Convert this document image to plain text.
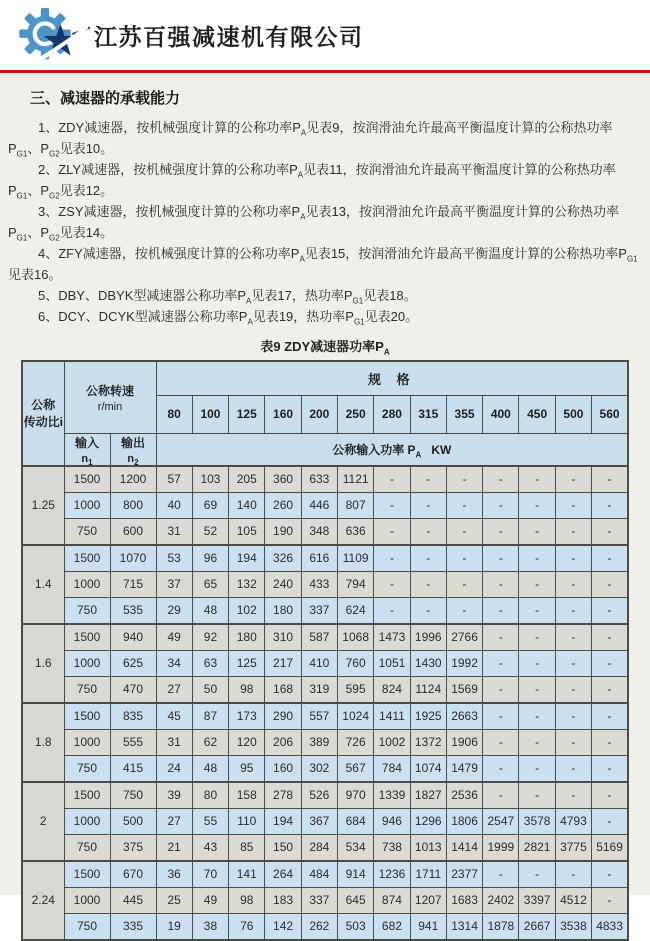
江苏百强减速机有限公司
三、减速器的承载能力

1、ZDY减速器，按机械强度计算的公称功率$P_A$见表9，按润滑油允许最高平衡温度计算的公称热功率$P_{G1}$、$P_{G2}$见表10。

2、ZLY减速器，按机械强度计算的公称功率$P_A$见表11，按润滑油允许最高平衡温度计算的公称热功率$P_{G1}$、$P_{G2}$见表12。

3、ZSY减速器，按机械强度计算的公称功率$P_A$见表13，按润滑油允许最高平衡温度计算的公称热功率$P_{G1}$、$P_{G2}$见表14。

4、ZFY减速器，按机械强度计算的公称功率$P_A$见表15，按润滑油允许最高平衡温度计算的公称热功率$P_{G1}$见表16。

5、DBY、DBYK型减速器公称功率$P_A$见表17，热功率$P_{G1}$见表18。

6、DCY、DCYK型减速器公称功率$P_A$见表19，热功率$P_{G1}$见表20。

表9 ZDY减速器功率$P_A$
公称
传动比i	公称转速
r/min		规 格												
			80	100	125	160	200	250	280	315	355	400	450	500	560
	输入
$n_1$	输出
$n_2$	公称输入功率 $P_A$   KW												
1.25	1500	1200	57	103	205	360	633	1121	-	-	-	-	-	-	-
	1000	800	40	69	140	260	446	807	-	-	-	-	-	-	-
	750	600	31	52	105	190	348	636	-	-	-	-	-	-	-
1.4	1500	1070	53	96	194	326	616	1109	-	-	-	-	-	-	-
	1000	715	37	65	132	240	433	794	-	-	-	-	-	-	-
	750	535	29	48	102	180	337	624	-	-	-	-	-	-	-
1.6	1500	940	49	92	180	310	587	1068	1473	1996	2766	-	-	-	-
	1000	625	34	63	125	217	410	760	1051	1430	1992	-	-	-	-
	750	470	27	50	98	168	319	595	824	1124	1569	-	-	-	-
1.8	1500	835	45	87	173	290	557	1024	1411	1925	2663	-	-	-	-
	1000	555	31	62	120	206	389	726	1002	1372	1906	-	-	-	-
	750	415	24	48	95	160	302	567	784	1074	1479	-	-	-	-
2	1500	750	39	80	158	278	526	970	1339	1827	2536	-	-	-	-
	1000	500	27	55	110	194	367	684	946	1296	1806	2547	3578	4793	-
	750	375	21	43	85	150	284	534	738	1013	1414	1999	2821	3775	5169
2.24	1500	670	36	70	141	264	484	914	1236	1711	2377	-	-	-	-
	1000	445	25	49	98	183	337	645	874	1207	1683	2402	3397	4512	-
	750	335	19	38	76	142	262	503	682	941	1314	1878	2667	3538	4833
